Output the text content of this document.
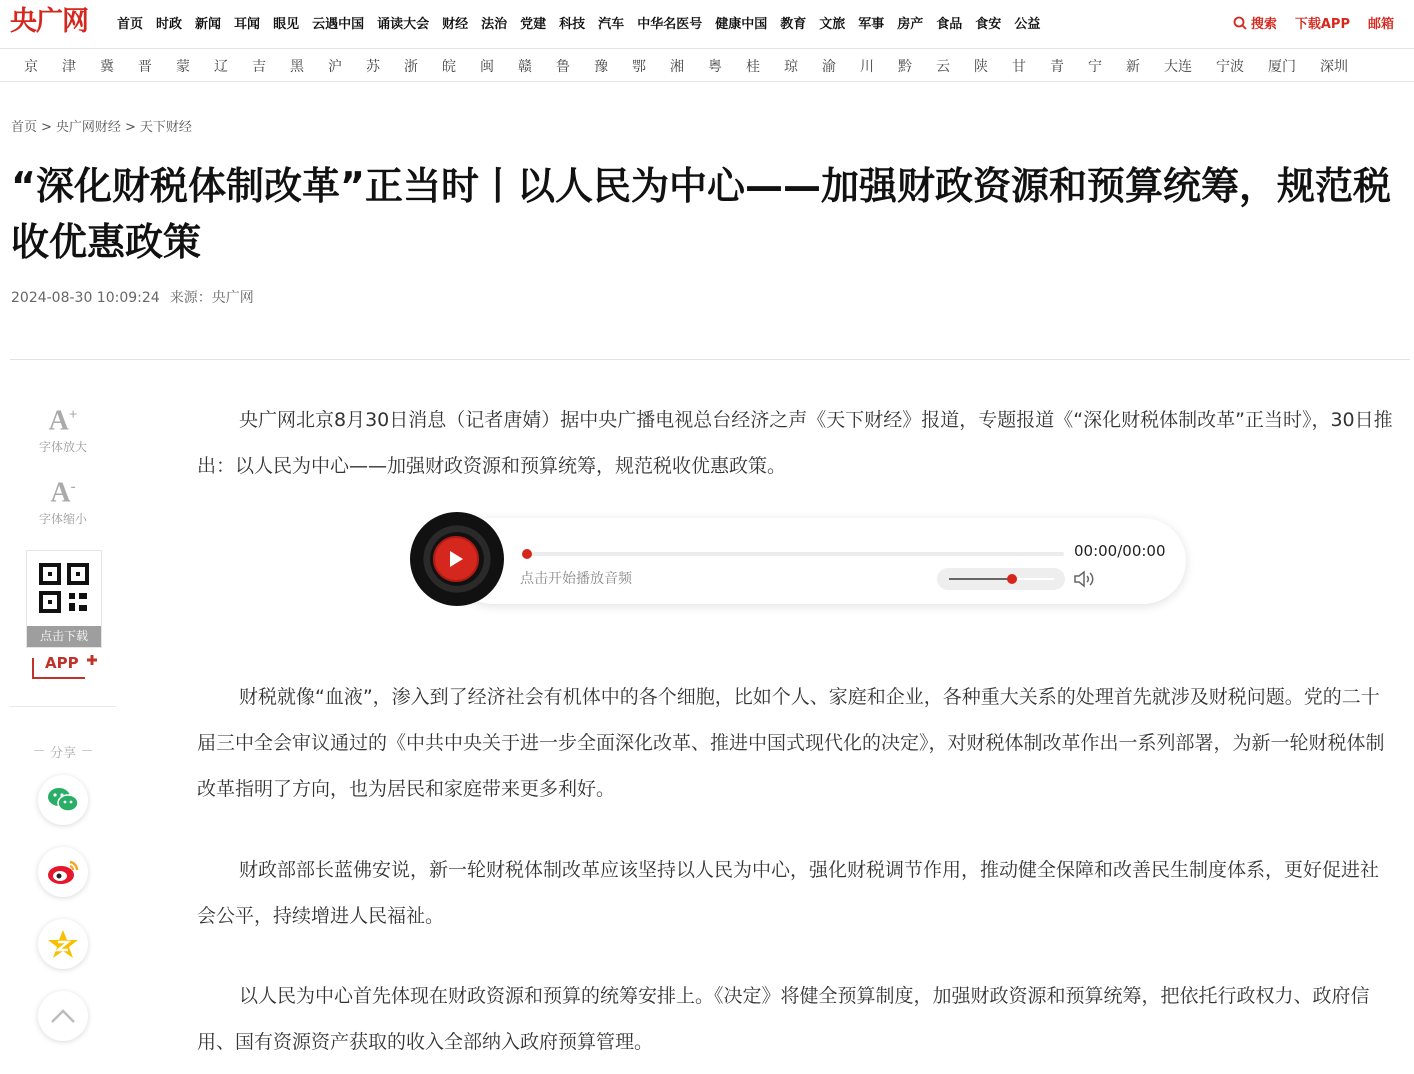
央广网	首页 时政 新闻 耳闻 眼见 云遇中国 诵读大会 财经 法治 党建 科技 汽车 中华名医号 健康中国 教育 文旅 军事 房产 食品 食安 公益	搜索 下载APP 邮箱
京 津 冀 晋 蒙 辽 吉 黑 沪 苏 浙 皖 闽 赣 鲁 豫 鄂 湘 粤 桂 琼 渝 川 黔 云 陕 甘 青 宁 新 大连 宁波 厦门 深圳
首页 > 央广网财经 > 天下财经
“深化财税体制改革”正当时丨以人民为中心——加强财政资源和预算统筹，规范税收优惠政策
2024-08-30 10:09:24 来源：央广网
A+
字体放大
A-
字体缩小
点击下载
APP
分享

央广网北京8月30日消息（记者唐婧）据中央广播电视总台经济之声《天下财经》报道，专题报道《“深化财税体制改革”正当时》，30日推出：以人民为中心——加强财政资源和预算统筹，规范税收优惠政策。

财税就像“血液”，渗入到了经济社会有机体中的各个细胞，比如个人、家庭和企业，各种重大关系的处理首先就涉及财税问题。党的二十届三中全会审议通过的《中共中央关于进一步全面深化改革、推进中国式现代化的决定》，对财税体制改革作出一系列部署，为新一轮财税体制改革指明了方向，也为居民和家庭带来更多利好。

财政部部长蓝佛安说，新一轮财税体制改革应该坚持以人民为中心，强化财税调节作用，推动健全保障和改善民生制度体系，更好促进社会公平，持续增进人民福祉。

以人民为中心首先体现在财政资源和预算的统筹安排上。《决定》将健全预算制度，加强财政资源和预算统筹，把依托行政权力、政府信用、国有资源资产获取的收入全部纳入政府预算管理。

00:00/00:00
点击开始播放音频
